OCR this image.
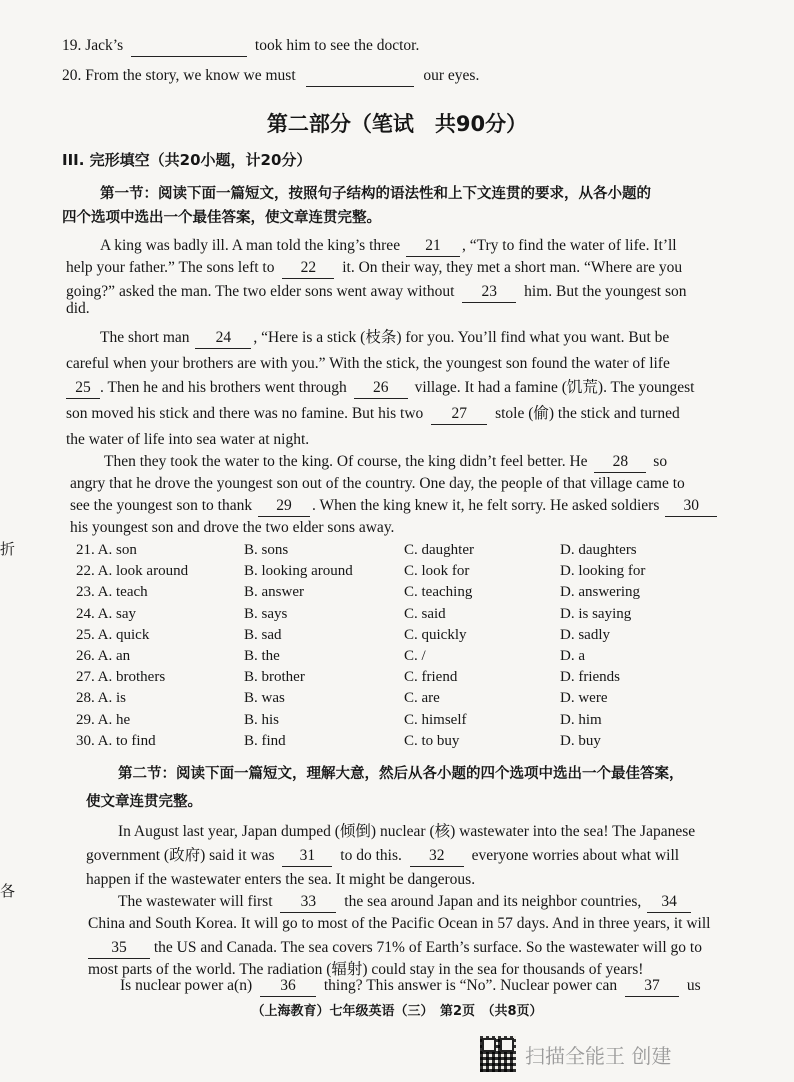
19. Jack’s	took him to see the doctor.
20. From the story, we know we must	our eyes.
第二部分（笔试　共90分）
III. 完形填空（共20小题，计20分）
第一节：阅读下面一篇短文，按照句子结构的语法性和上下文连贯的要求，从各小题的
四个选项中选出一个最佳答案，使文章连贯完整。
A king was badly ill. A man told the king’s three 21 , “Try to find the water of life. It’ll
help your father.” The sons left to 22 it. On their way, they met a short man. “Where are you
going?” asked the man. The two elder sons went away without 23 him. But the youngest son
did.
The short man 24 , “Here is a stick (枝条) for you. You’ll find what you want. But be
careful when your brothers are with you.” With the stick, the youngest son found the water of life
25 . Then he and his brothers went through 26 village. It had a famine (饥荒). The youngest
son moved his stick and there was no famine. But his two 27 stole (偷) the stick and turned
the water of life into sea water at night.
Then they took the water to the king. Of course, the king didn’t feel better. He 28 so
angry that he drove the youngest son out of the country. One day, the people of that village came to
see the youngest son to thank 29 . When the king knew it, he felt sorry. He asked soldiers 30
his youngest son and drove the two elder sons away.
21. A. son	B. sons	C. daughter	D. daughters
22. A. look around	B. looking around	C. look for	D. looking for
23. A. teach	B. answer	C. teaching	D. answering
24. A. say	B. says	C. said	D. is saying
25. A. quick	B. sad	C. quickly	D. sadly
26. A. an	B. the	C. /	D. a
27. A. brothers	B. brother	C. friend	D. friends
28. A. is	B. was	C. are	D. were
29. A. he	B. his	C. himself	D. him
30. A. to find	B. find	C. to buy	D. buy
第二节：阅读下面一篇短文，理解大意，然后从各小题的四个选项中选出一个最佳答案，
使文章连贯完整。
In August last year, Japan dumped (倾倒) nuclear (核) wastewater into the sea! The Japanese
government (政府) said it was 31 to do this. 32 everyone worries about what will
happen if the wastewater enters the sea. It might be dangerous.
The wastewater will first 33 the sea around Japan and its neighbor countries, 34
China and South Korea. It will go to most of the Pacific Ocean in 57 days. And in three years, it will
35 the US and Canada. The sea covers 71% of Earth’s surface. So the wastewater will go to
most parts of the world. The radiation (辐射) could stay in the sea for thousands of years!
Is nuclear power a(n) 36 thing? This answer is “No”. Nuclear power can 37 us
（上海教育）七年级英语（三）　第2页　（共8页）
扫描全能王 创建
折
各
